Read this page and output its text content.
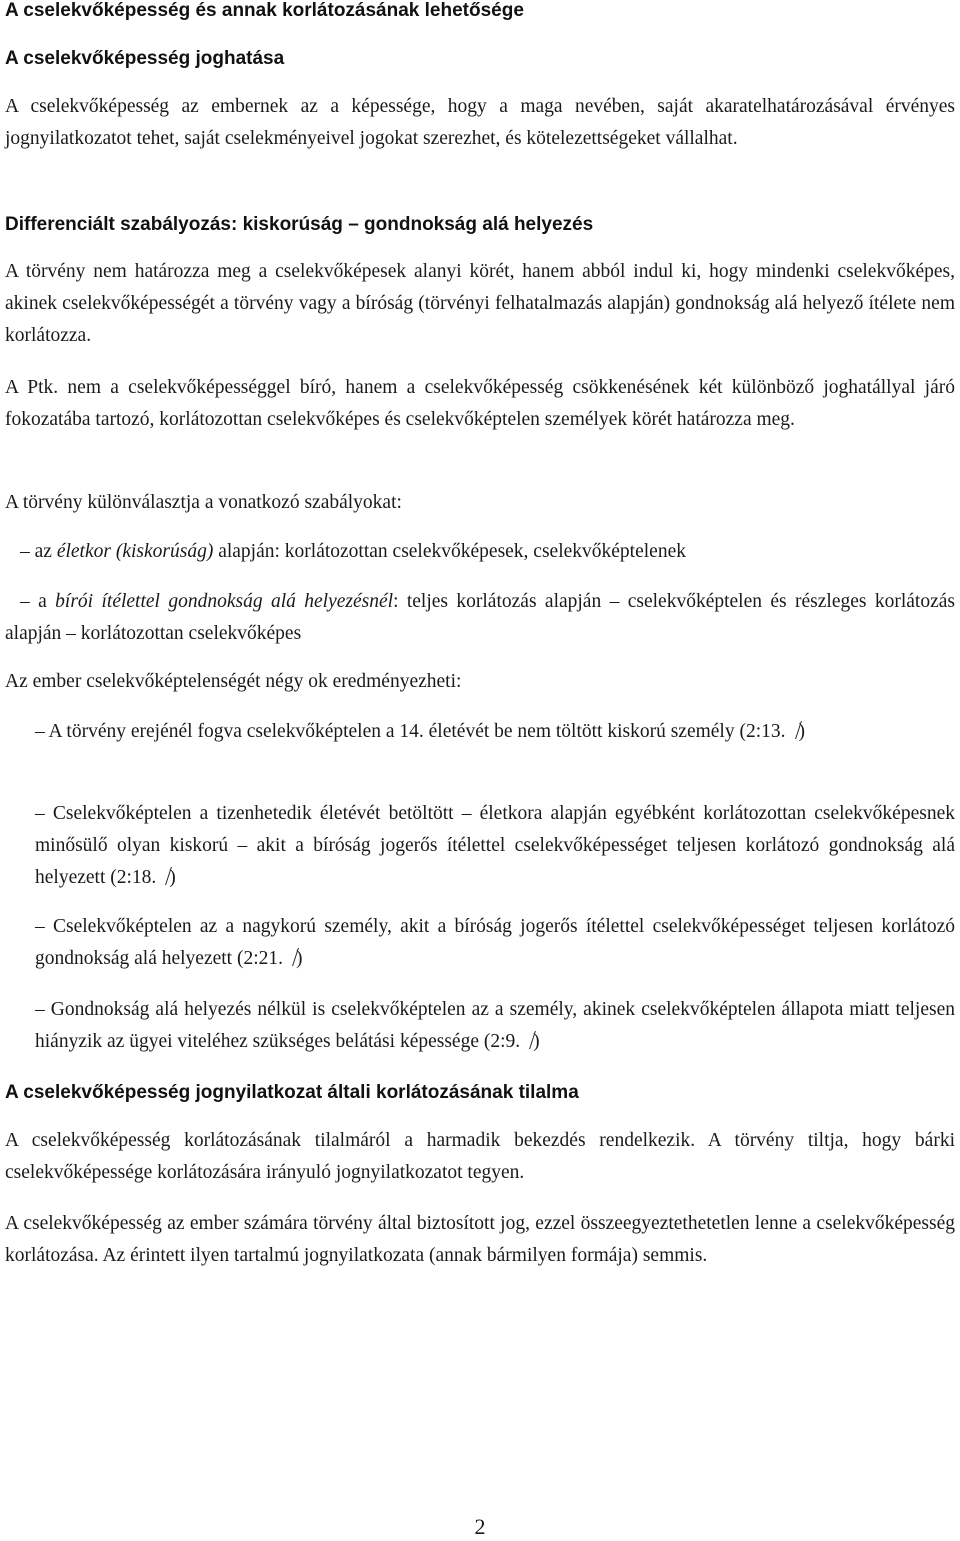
A cselekvőképesség és annak korlátozásának lehetősége
A cselekvőképesség joghatása

A cselekvőképesség az embernek az a képessége, hogy a maga nevében, saját akaratelhatározásával érvényes jognyilatkozatot tehet, saját cselekményeivel jogokat szerezhet, és kötelezettségeket vállalhat.

Differenciált szabályozás: kiskorúság – gondnokság alá helyezés

A törvény nem határozza meg a cselekvőképesek alanyi körét, hanem abból indul ki, hogy mindenki cselekvőképes, akinek cselekvőképességét a törvény vagy a bíróság (törvényi felhatalmazás alapján) gondnokság alá helyező ítélete nem korlátozza.

A Ptk. nem a cselekvőképességgel bíró, hanem a cselekvőképesség csökkenésének két különböző joghatállyal járó fokozatába tartozó, korlátozottan cselekvőképes és cselekvőképtelen személyek körét határozza meg.

A törvény különválasztja a vonatkozó szabályokat:

– az életkor (kiskorúság) alapján: korlátozottan cselekvőképesek, cselekvőképtelenek

– a bírói ítélettel gondnokság alá helyezésnél: teljes korlátozás alapján – cselekvőképtelen és részleges korlátozás alapján – korlátozottan cselekvőképes

Az ember cselekvőképtelenségét négy ok eredményezheti:

– A törvény erejénél fogva cselekvőképtelen a 14. életévét be nem töltött kiskorú személy (2:13. )

– Cselekvőképtelen a tizenhetedik életévét betöltött – életkora alapján egyébként korlátozottan cselekvőképesnek minősülő olyan kiskorú – akit a bíróság jogerős ítélettel cselekvőképességet teljesen korlátozó gondnokság alá helyezett (2:18. )

– Cselekvőképtelen az a nagykorú személy, akit a bíróság jogerős ítélettel cselekvőképességet teljesen korlátozó gondnokság alá helyezett (2:21. )

– Gondnokság alá helyezés nélkül is cselekvőképtelen az a személy, akinek cselekvőképtelen állapota miatt teljesen hiányzik az ügyei viteléhez szükséges belátási képessége (2:9. )

A cselekvőképesség jognyilatkozat általi korlátozásának tilalma

A cselekvőképesség korlátozásának tilalmáról a harmadik bekezdés rendelkezik. A törvény tiltja, hogy bárki cselekvőképessége korlátozására irányuló jognyilatkozatot tegyen.

A cselekvőképesség az ember számára törvény által biztosított jog, ezzel összeegyeztethetetlen lenne a cselekvőképesség korlátozása. Az érintett ilyen tartalmú jognyilatkozata (annak bármilyen formája) semmis.

2
